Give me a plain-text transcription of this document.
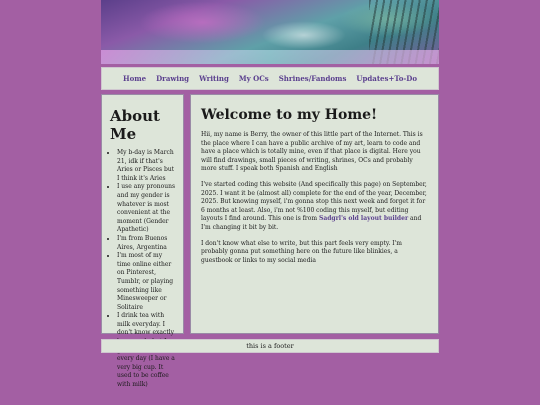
Home Drawing Writing My OCs Shrines/Fandoms Updates+To-Do
About Me
• My b-day is March 21, idk if that's Aries or Pisces but I think it's Aries
• I use any pronouns and my gender is whatever is most convenient at the moment (Gender Apathetic)
• I'm from Buenos Aires, Argentina
• I'm most of my time online either on Pinterest, Tumblr, or playing something like Minesweeper or Solitaire
• I drink tea with milk everyday. I don't know exactly every day (I have a very big cup. It used to be coffee with milk)
Welcome to my Home!

Hii, my name is Berry, the owner of this little part of the Internet. This is the place where I can have a public archive of my art, learn to code and have a place which is totally mine, even if that place is digital. Here you will find drawings, small pieces of writing, shrines, OCs and probably more stuff. I speak both Spanish and English

I've started coding this website (And specifically this page) on September, 2025. I want it be (almost all) complete for the end of the year, December, 2025. But knowing myself, i'm gonna stop this next week and forget it for 6 months at least. Also, i'm not %100 coding this myself, but editing layouts I find around. This one is from Sadgrl's old layout builder and I'm changing it bit by bit.

I don't know what else to write, but this part feels very empty. I'm probably gonna put something here on the future like blinkies, a guestbook or links to my social media

this is a footer
